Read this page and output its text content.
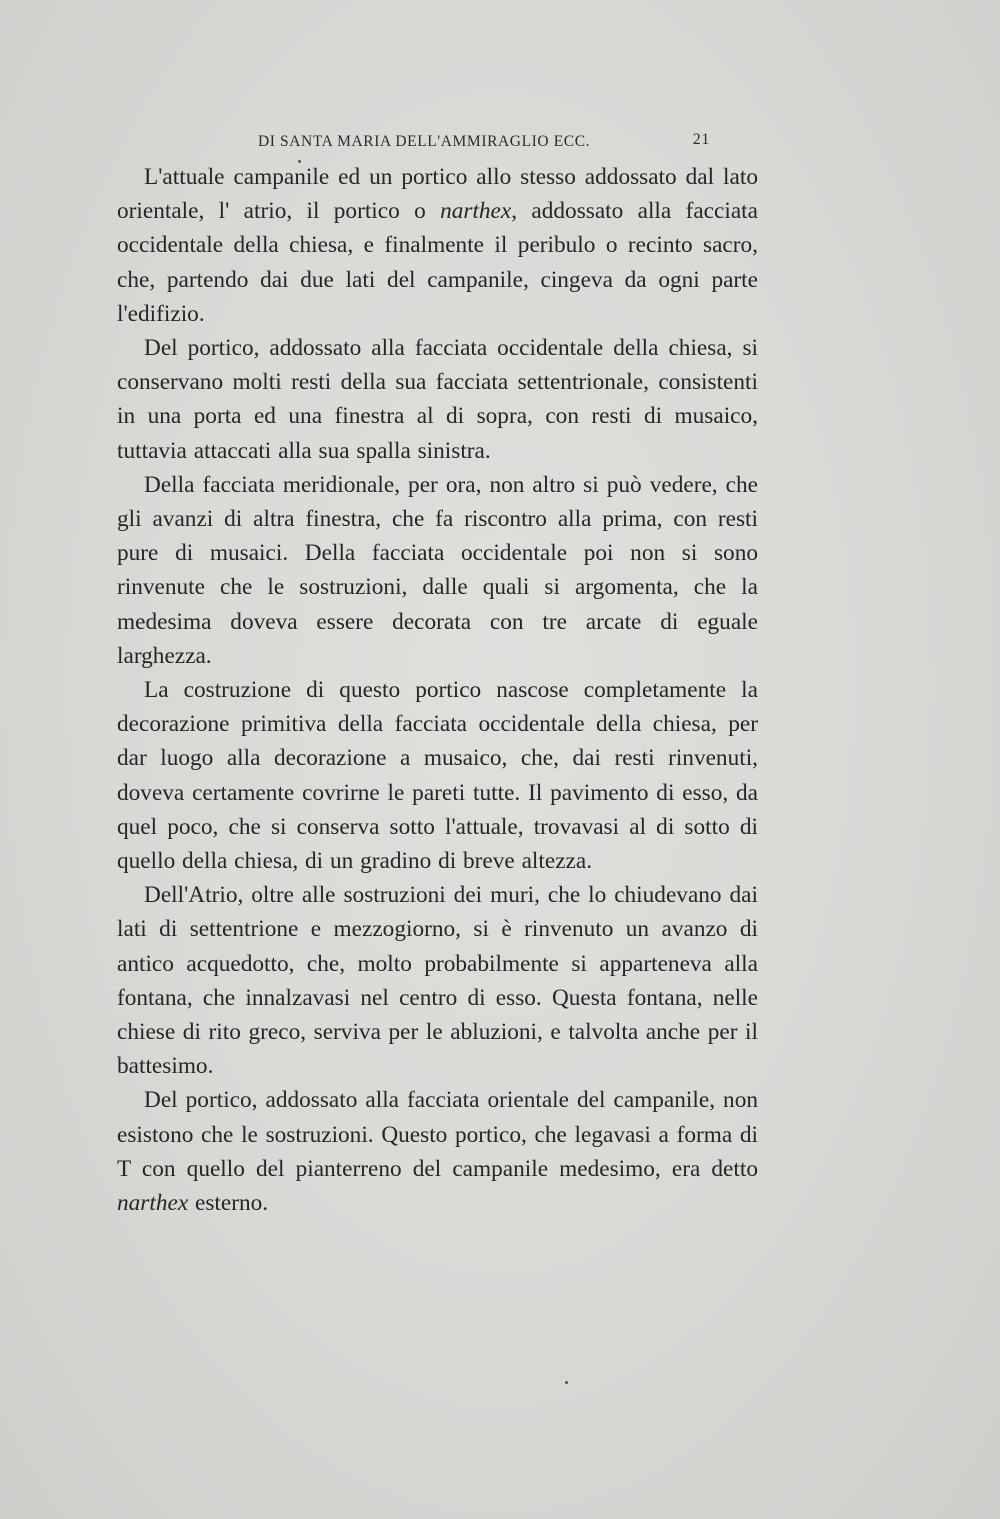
DI SANTA MARIA DELL'AMMIRAGLIO ECC.	21

L'attuale campanile ed un portico allo stesso addossato dal lato orientale, l' atrio, il portico o narthex, addossato alla facciata occidentale della chiesa, e finalmente il peribulo o recinto sacro, che, partendo dai due lati del campanile, cingeva da ogni parte l'edifizio.

Del portico, addossato alla facciata occidentale della chiesa, si conservano molti resti della sua facciata settentrionale, consistenti in una porta ed una finestra al di sopra, con resti di musaico, tuttavia attaccati alla sua spalla sinistra.

Della facciata meridionale, per ora, non altro si può vedere, che gli avanzi di altra finestra, che fa riscontro alla prima, con resti pure di musaici. Della facciata occidentale poi non si sono rinvenute che le sostruzioni, dalle quali si argomenta, che la medesima doveva essere decorata con tre arcate di eguale larghezza.

La costruzione di questo portico nascose completamente la decorazione primitiva della facciata occidentale della chiesa, per dar luogo alla decorazione a musaico, che, dai resti rinvenuti, doveva certamente covrirne le pareti tutte. Il pavimento di esso, da quel poco, che si conserva sotto l'attuale, trovavasi al di sotto di quello della chiesa, di un gradino di breve altezza.

Dell'Atrio, oltre alle sostruzioni dei muri, che lo chiudevano dai lati di settentrione e mezzogiorno, si è rinvenuto un avanzo di antico acquedotto, che, molto probabilmente si apparteneva alla fontana, che innalzavasi nel centro di esso. Questa fontana, nelle chiese di rito greco, serviva per le abluzioni, e talvolta anche per il battesimo.

Del portico, addossato alla facciata orientale del campanile, non esistono che le sostruzioni. Questo portico, che legavasi a forma di T con quello del pianterreno del campanile medesimo, era detto narthex esterno.
